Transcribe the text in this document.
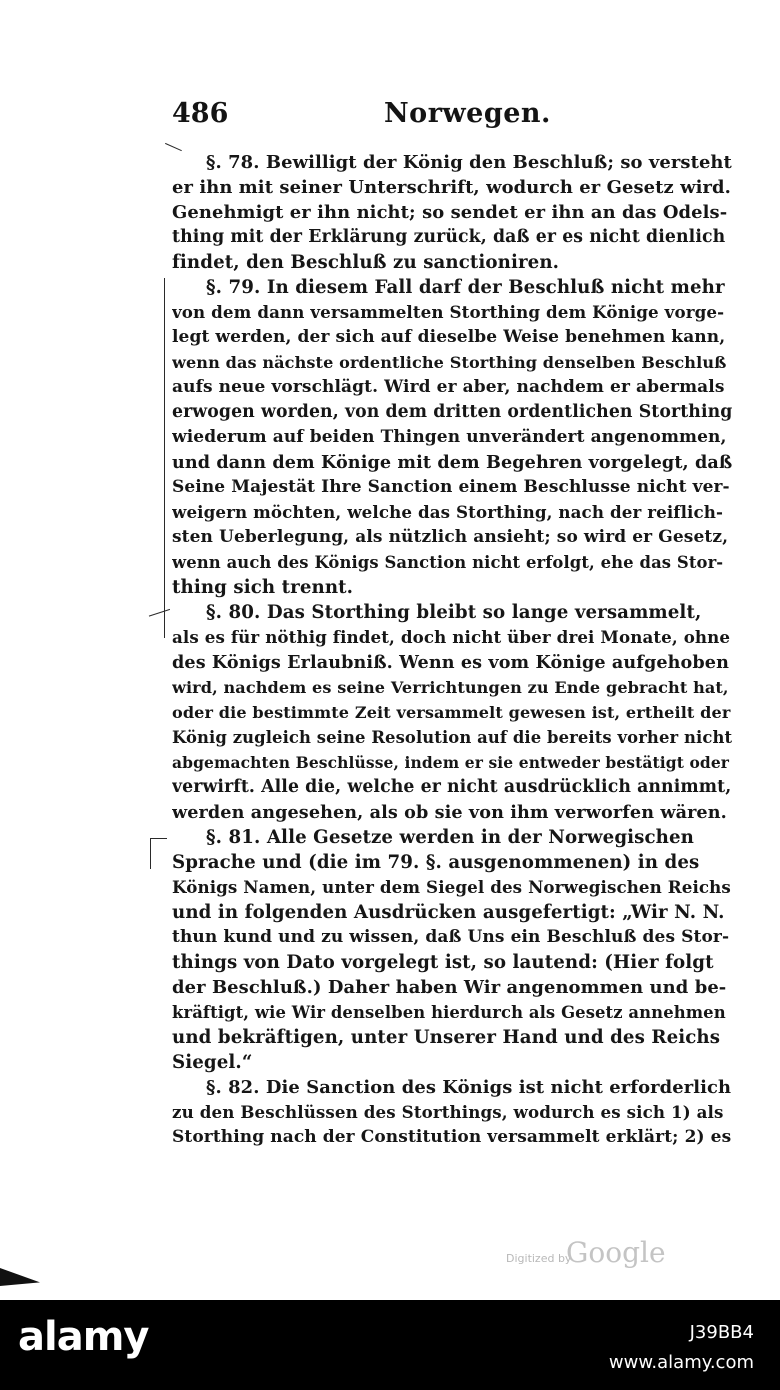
486	Norwegen.
§. 78. Bewilligt der König den Beschluß; so versteht
er ihn mit seiner Unterschrift, wodurch er Gesetz wird.
Genehmigt er ihn nicht; so sendet er ihn an das Odels-
thing mit der Erklärung zurück, daß er es nicht dienlich
findet, den Beschluß zu sanctioniren.
§. 79. In diesem Fall darf der Beschluß nicht mehr
von dem dann versammelten Storthing dem Könige vorge-
legt werden, der sich auf dieselbe Weise benehmen kann,
wenn das nächste ordentliche Storthing denselben Beschluß
aufs neue vorschlägt. Wird er aber, nachdem er abermals
erwogen worden, von dem dritten ordentlichen Storthing
wiederum auf beiden Thingen unverändert angenommen,
und dann dem Könige mit dem Begehren vorgelegt, daß
Seine Majestät Ihre Sanction einem Beschlusse nicht ver-
weigern möchten, welche das Storthing, nach der reiflich-
sten Ueberlegung, als nützlich ansieht; so wird er Gesetz,
wenn auch des Königs Sanction nicht erfolgt, ehe das Stor-
thing sich trennt.
§. 80. Das Storthing bleibt so lange versammelt,
als es für nöthig findet, doch nicht über drei Monate, ohne
des Königs Erlaubniß. Wenn es vom Könige aufgehoben
wird, nachdem es seine Verrichtungen zu Ende gebracht hat,
oder die bestimmte Zeit versammelt gewesen ist, ertheilt der
König zugleich seine Resolution auf die bereits vorher nicht
abgemachten Beschlüsse, indem er sie entweder bestätigt oder
verwirft. Alle die, welche er nicht ausdrücklich annimmt,
werden angesehen, als ob sie von ihm verworfen wären.
§. 81. Alle Gesetze werden in der Norwegischen
Sprache und (die im 79. §. ausgenommenen) in des
Königs Namen, unter dem Siegel des Norwegischen Reichs
und in folgenden Ausdrücken ausgefertigt: „Wir N. N.
thun kund und zu wissen, daß Uns ein Beschluß des Stor-
things von Dato vorgelegt ist, so lautend: (Hier folgt
der Beschluß.) Daher haben Wir angenommen und be-
kräftigt, wie Wir denselben hierdurch als Gesetz annehmen
und bekräftigen, unter Unserer Hand und des Reichs
Siegel.“
§. 82. Die Sanction des Königs ist nicht erforderlich
zu den Beschlüssen des Storthings, wodurch es sich 1) als
Storthing nach der Constitution versammelt erklärt; 2) es
Digitized by
Google
alamy	J39BB4
www.alamy.com
